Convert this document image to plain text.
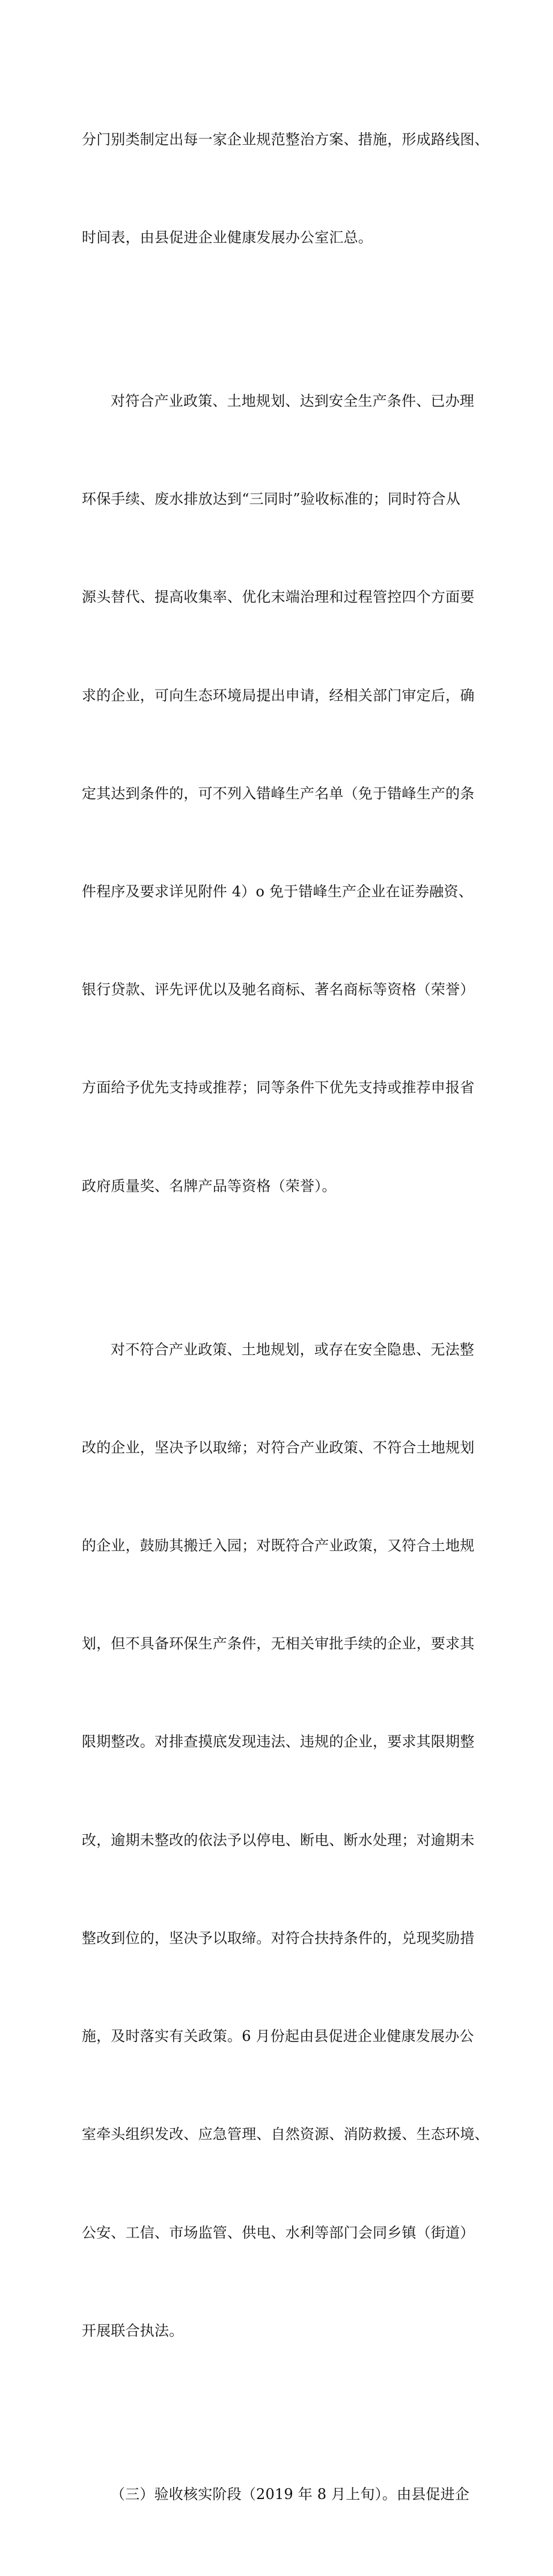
分门别类制定出每一家企业规范整治方案、措施，形成路线图、

时间表，由县促进企业健康发展办公室汇总。

对符合产业政策、土地规划、达到安全生产条件、已办理

环保手续、废水排放达到“三同时”验收标准的；同时符合从

源头替代、提高收集率、优化末端治理和过程管控四个方面要

求的企业，可向生态环境局提出申请，经相关部门审定后，确

定其达到条件的，可不列入错峰生产名单（免于错峰生产的条

件程序及要求详见附件 4）o 免于错峰生产企业在证券融资、

银行贷款、评先评优以及驰名商标、著名商标等资格（荣誉）

方面给予优先支持或推荐；同等条件下优先支持或推荐申报省

政府质量奖、名牌产品等资格（荣誉）。

对不符合产业政策、土地规划，或存在安全隐患、无法整

改的企业，坚决予以取缔；对符合产业政策、不符合土地规划

的企业，鼓励其搬迁入园；对既符合产业政策，又符合土地规

划，但不具备环保生产条件，无相关审批手续的企业，要求其

限期整改。对排查摸底发现违法、违规的企业，要求其限期整

改，逾期未整改的依法予以停电、断电、断水处理；对逾期未

整改到位的，坚决予以取缔。对符合扶持条件的，兑现奖励措

施，及时落实有关政策。6 月份起由县促进企业健康发展办公

室牵头组织发改、应急管理、自然资源、消防救援、生态环境、

公安、工信、市场监管、供电、水利等部门会同乡镇（街道）

开展联合执法。

（三）验收核实阶段（2019 年 8 月上旬）。由县促进企
